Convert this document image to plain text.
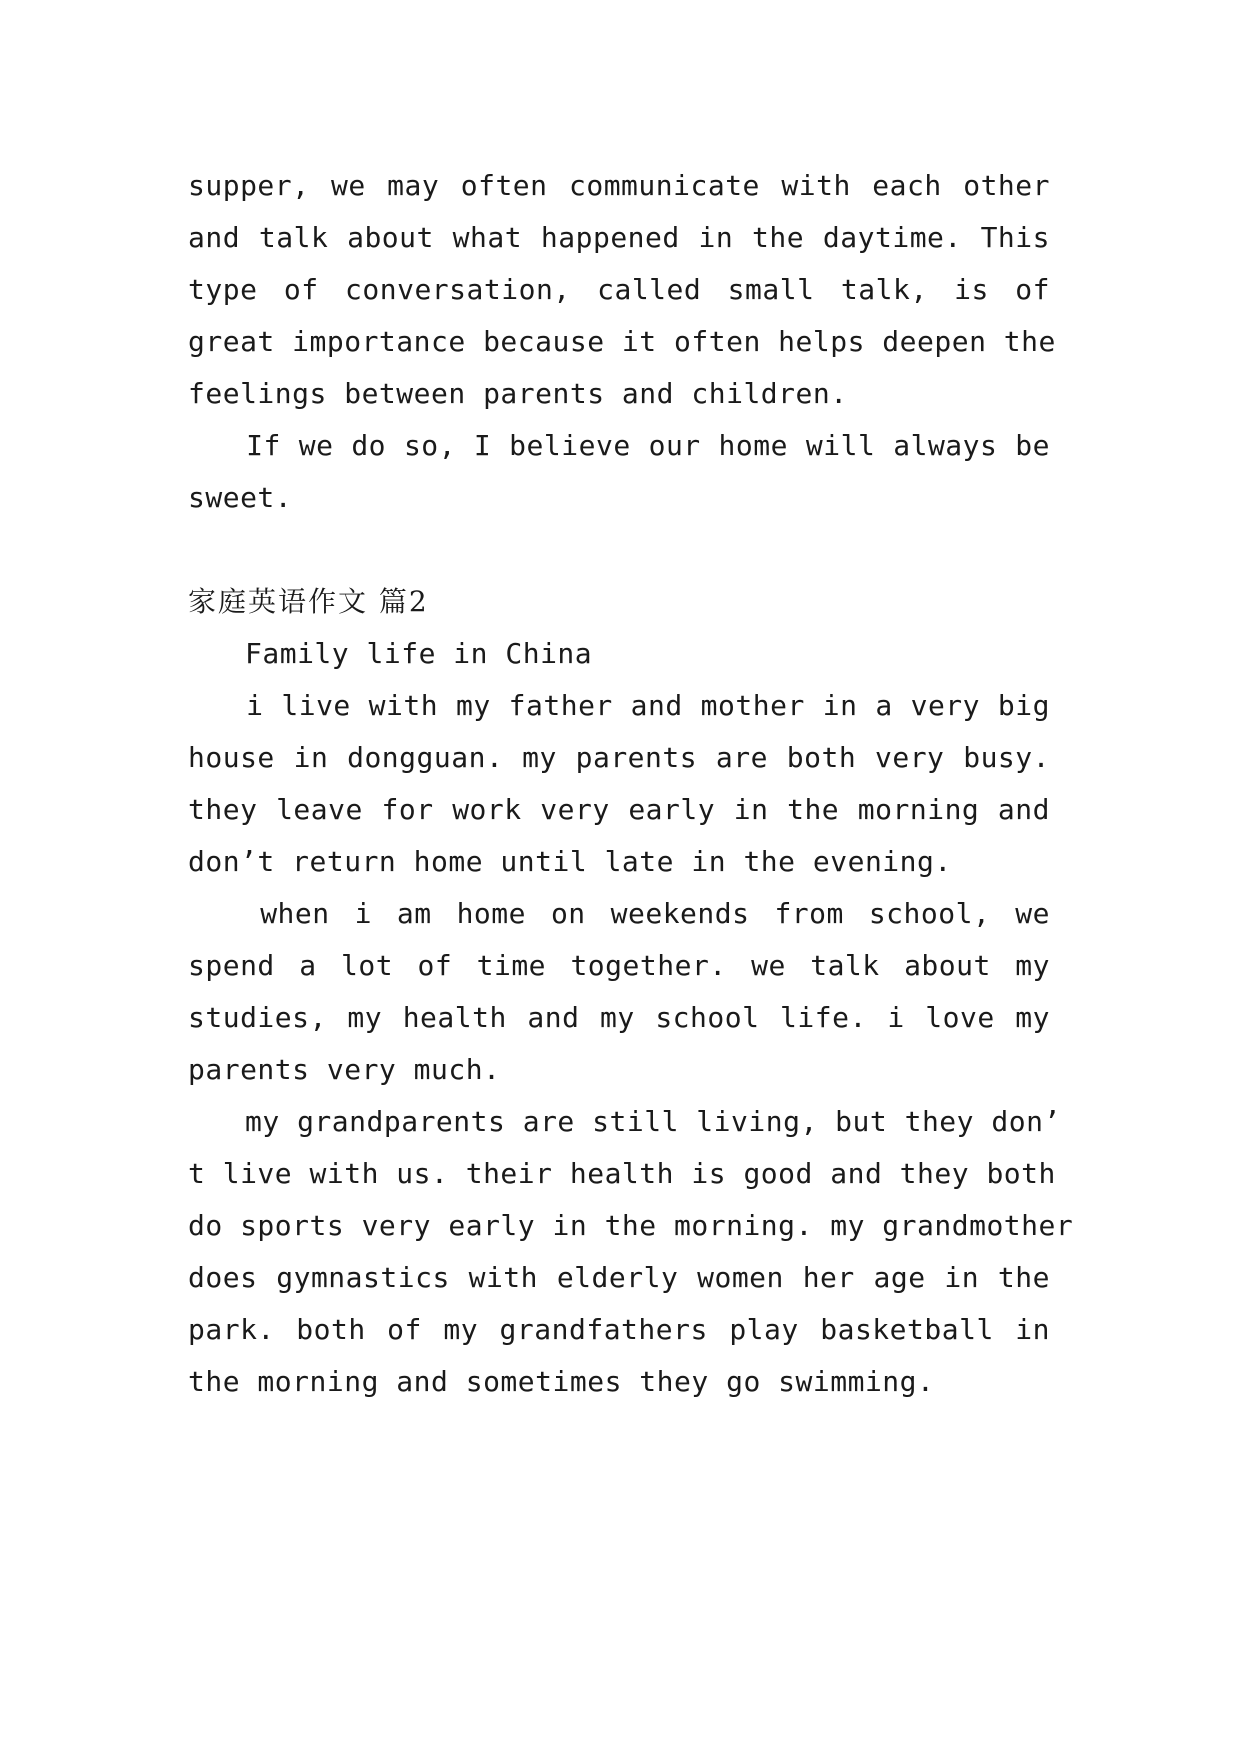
supper, we may often communicate with each other
and talk about what happened in the daytime. This
type of conversation, called small talk, is of
great importance because it often helps deepen the
feelings between parents and children.
　　If we do so, I believe our home will always be
sweet.
家庭英语作文 篇2
　　Family life in China
　　i live with my father and mother in a very big
house in dongguan. my parents are both very busy.
they leave for work very early in the morning and
don’t return home until late in the evening.
　　when i am home on weekends from school, we
spend a lot of time together. we talk about my
studies, my health and my school life. i love my
parents very much.
　　my grandparents are still living, but they don’
t live with us. their health is good and they both
do sports very early in the morning. my grandmother
does gymnastics with elderly women her age in the
park. both of my grandfathers play basketball in
the morning and sometimes they go swimming.
